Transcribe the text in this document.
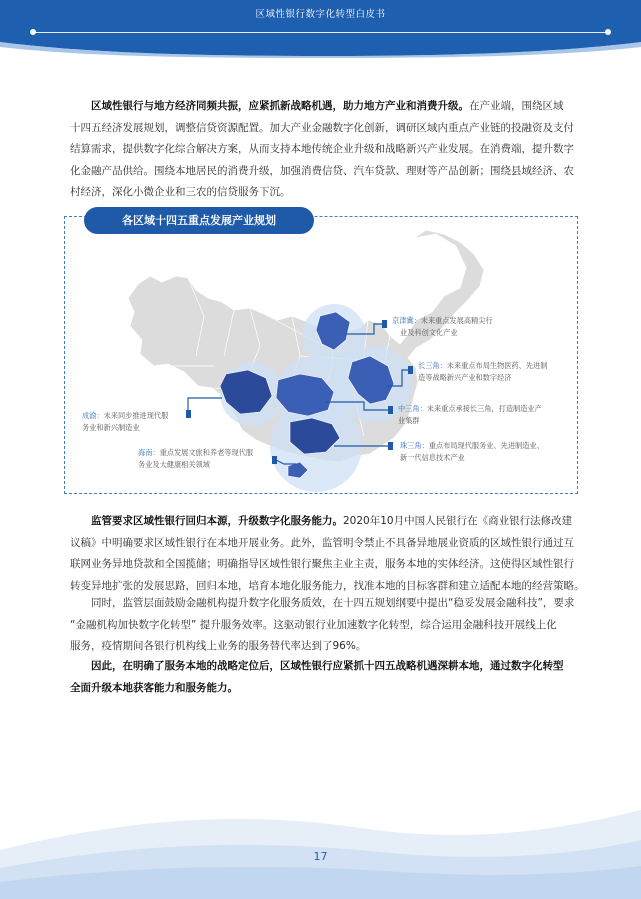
区域性银行数字化转型白皮书

区域性银行与地方经济同频共振，应紧抓新战略机遇，助力地方产业和消费升级。在产业端，围绕区域
十四五经济发展规划，调整信贷资源配置。加大产业金融数字化创新，调研区域内重点产业链的投融资及支付
结算需求，提供数字化综合解决方案，从而支持本地传统企业升级和战略新兴产业发展。在消费端，提升数字
化金融产品供给。围绕本地居民的消费升级，加强消费信贷、汽车贷款、理财等产品创新；围绕县域经济、农
村经济，深化小微企业和三农的信贷服务下沉。

各区域十四五重点发展产业规划
京津冀：未来重点发展高精尖行
业及科创文化产业
长三角：未来重点布局生物医药、先进制
造等战略新兴产业和数字经济
中三角：未来重点承接长三角，打造制造业产
业集群
珠三角：重点布局现代服务业、先进制造业、
新一代信息技术产业
成渝：未来同步推进现代服
务业和新兴制造业
海南：重点发展文旅和养老等现代服
务业及大健康相关领域

监管要求区域性银行回归本源，升级数字化服务能力。2020年10月中国人民银行在《商业银行法修改建
议稿》中明确要求区域性银行在本地开展业务。此外，监管明令禁止不具备异地展业资质的区域性银行通过互
联网业务异地贷款和全国揽储；明确指导区域性银行聚焦主业主责，服务本地的实体经济。这使得区域性银行
转变异地扩张的发展思路，回归本地，培育本地化服务能力，找准本地的目标客群和建立适配本地的经营策略。

同时，监管层面鼓励金融机构提升数字化服务质效，在十四五规划纲要中提出“稳妥发展金融科技”，要求
“金融机构加快数字化转型” 提升服务效率。这驱动银行业加速数字化转型，综合运用金融科技开展线上化
服务，疫情期间各银行机构线上业务的服务替代率达到了96%。

因此，在明确了服务本地的战略定位后，区域性银行应紧抓十四五战略机遇深耕本地，通过数字化转型
全面升级本地获客能力和服务能力。

17
